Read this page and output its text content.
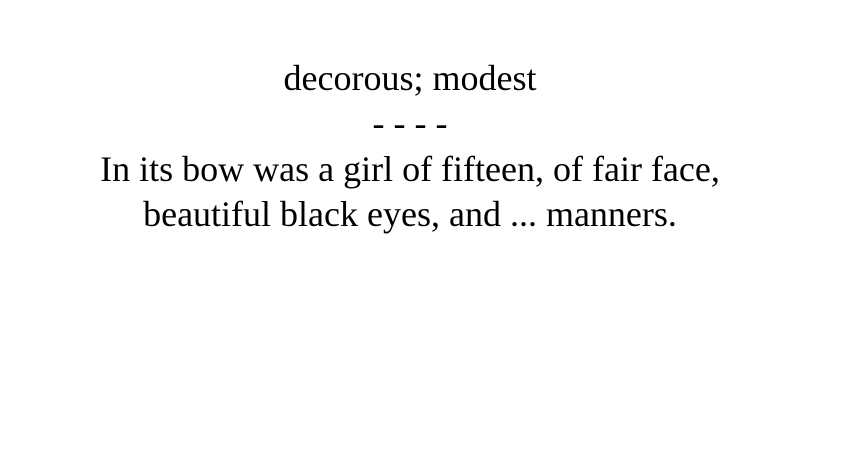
decorous; modest
- - - -
In its bow was a girl of fifteen, of fair face,
beautiful black eyes, and ... manners.
